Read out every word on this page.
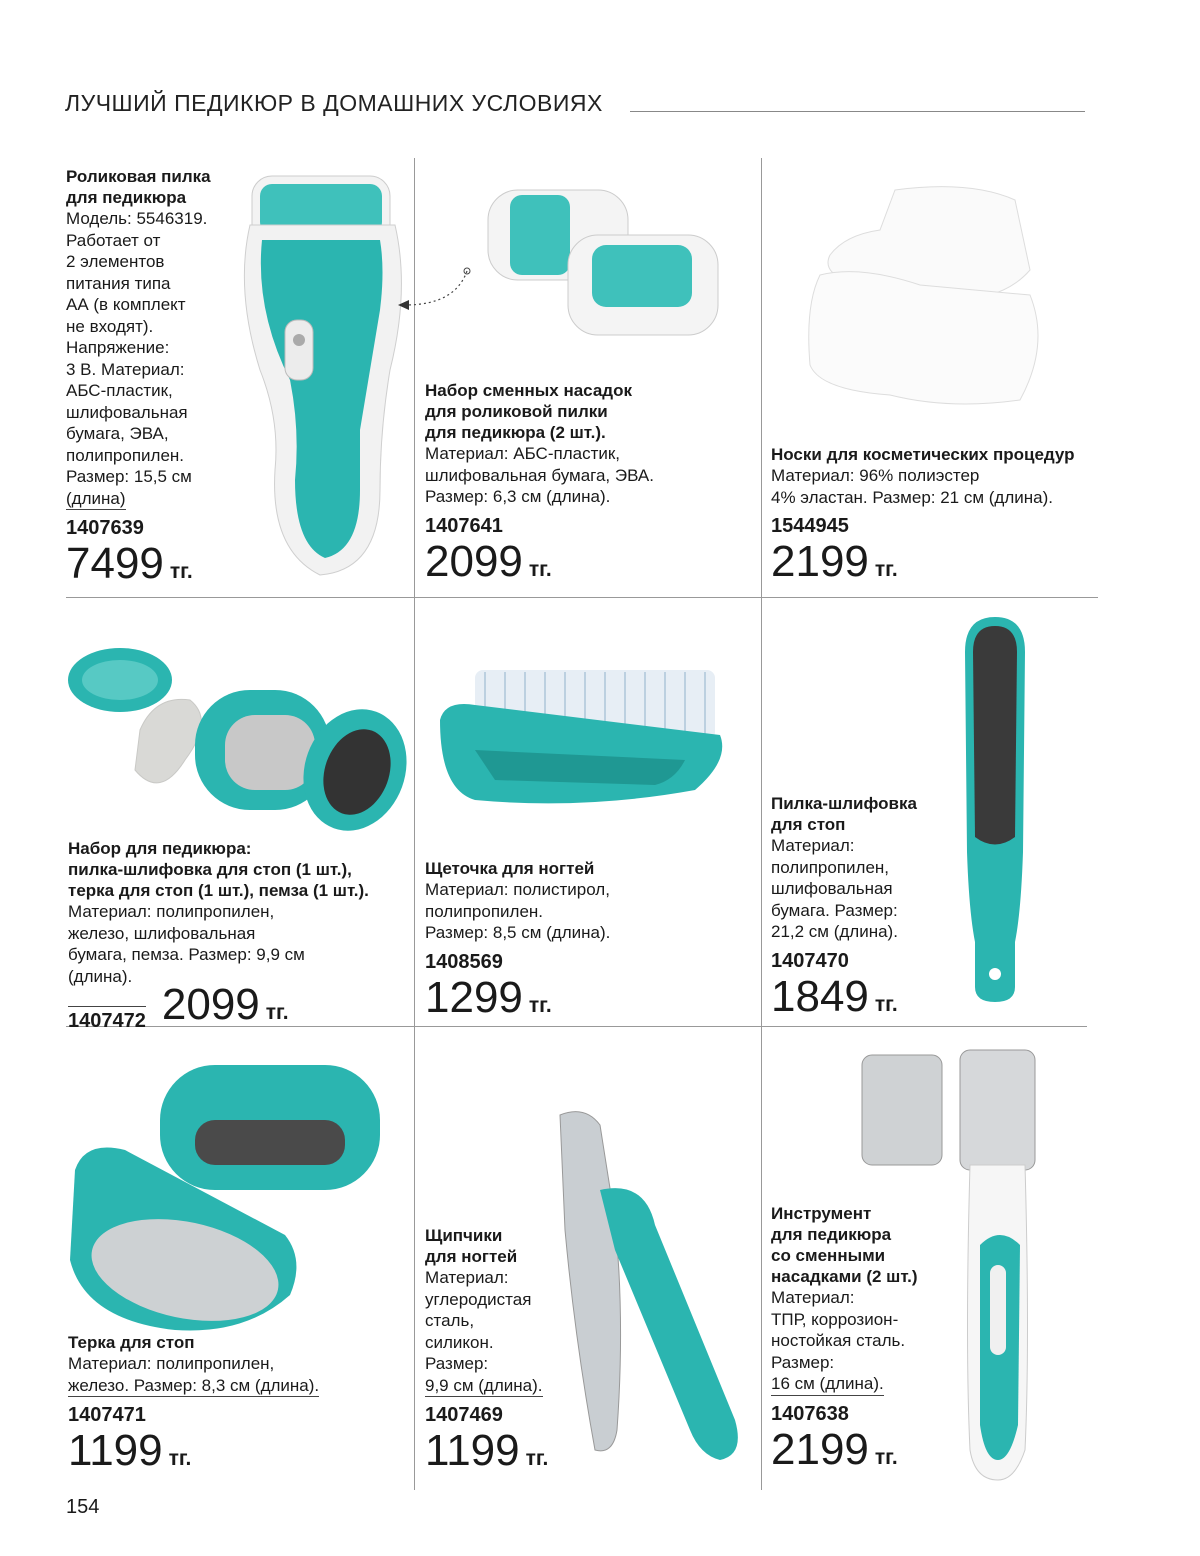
ЛУЧШИЙ ПЕДИКЮР В ДОМАШНИХ УСЛОВИЯХ
Роликовая пилка
для педикюра
Модель: 5546319.
Работает от
2 элементов
питания типа
АА (в комплект
не входят).
Напряжение:
3 В. Материал:
АБС-пластик,
шлифовальная
бумага, ЭВА,
полипропилен.
Размер: 15,5 см
(длина)
1407639
7499 тг.
Набор сменных насадок
для роликовой пилки
для педикюра (2 шт.).
Материал: АБС-пластик,
шлифовальная бумага, ЭВА.
Размер: 6,3 см (длина).
1407641
2099 тг.
Носки для косметических процедур
Материал: 96% полиэстер
4% эластан. Размер: 21 см (длина).
1544945
2199 тг.
Набор для педикюра:
пилка-шлифовка для стоп (1 шт.),
терка для стоп (1 шт.), пемза (1 шт.).
Материал: полипропилен,
железо, шлифовальная
бумага, пемза. Размер: 9,9 см
(длина).
1407472 2099 тг.
Щеточка для ногтей
Материал: полистирол,
полипропилен.
Размер: 8,5 см (длина).
1408569
1299 тг.
Пилка-шлифовка
для стоп
Материал:
полипропилен,
шлифовальная
бумага. Размер:
21,2 см (длина).
1407470
1849 тг.
Терка для стоп
Материал: полипропилен,
железо. Размер: 8,3 см (длина).
1407471
1199 тг.
Щипчики
для ногтей
Материал:
углеродистая
сталь,
силикон.
Размер:
9,9 см (длина).
1407469
1199 тг.
Инструмент
для педикюра
со сменными
насадками (2 шт.)
Материал:
ТПР, коррозион-
ностойкая сталь.
Размер:
16 см (длина).
1407638
2199 тг.
154
